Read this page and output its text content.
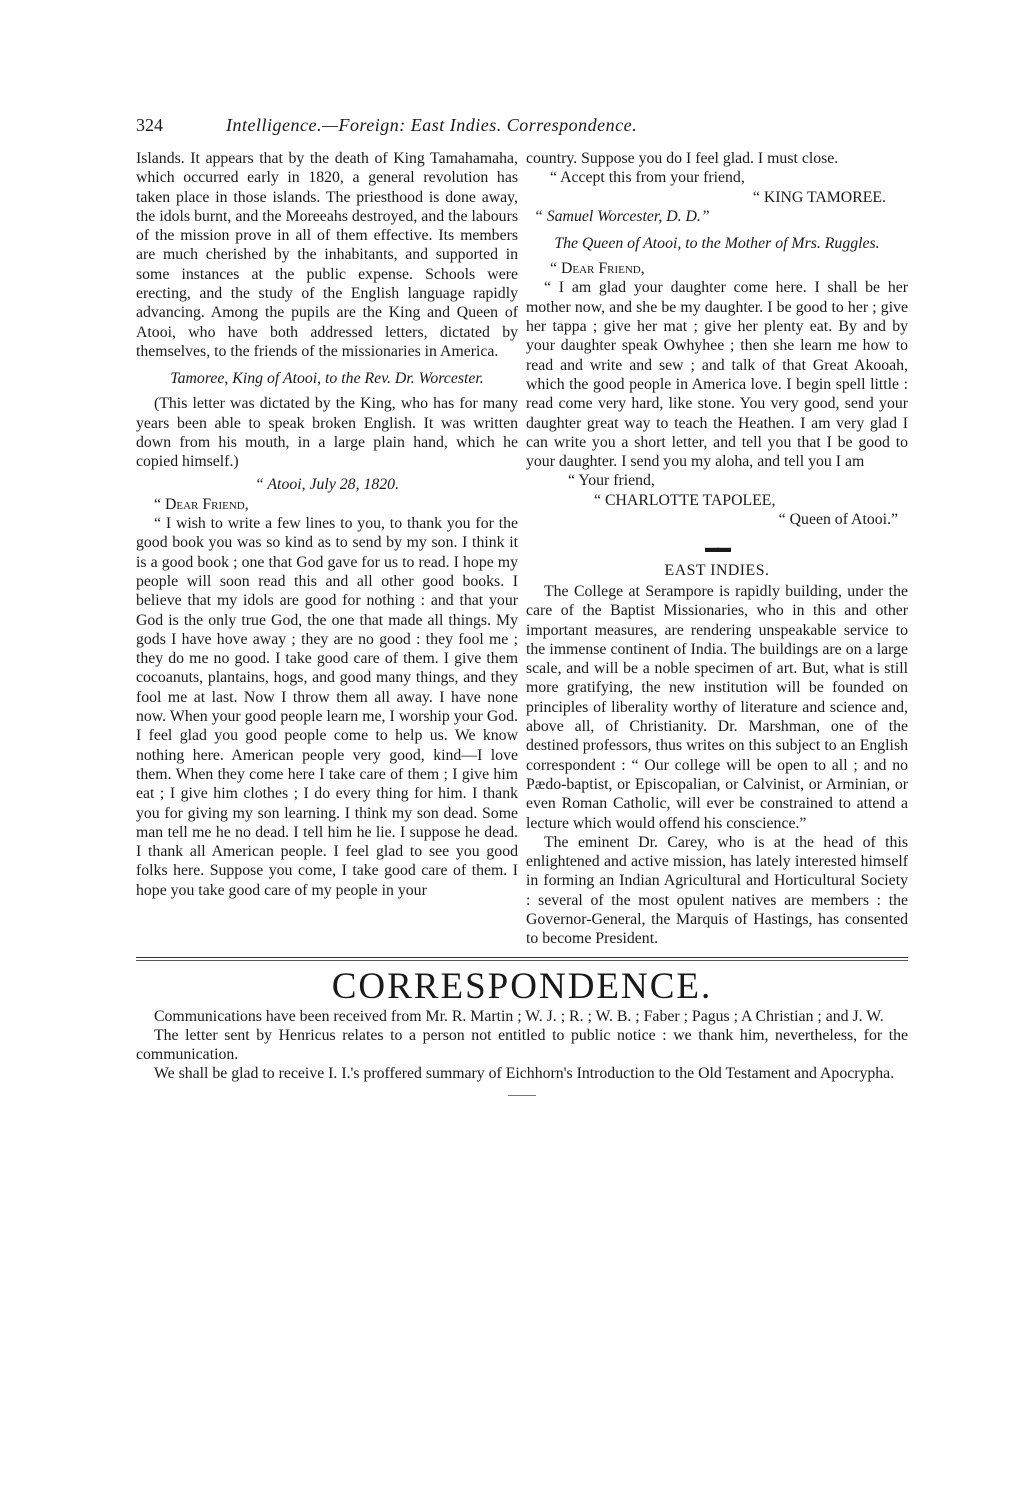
324	Intelligence.—Foreign: East Indies. Correspondence.

Islands. It appears that by the death of King Tamahamaha, which occurred early in 1820, a general revolution has taken place in those islands. The priesthood is done away, the idols burnt, and the Moreeahs destroyed, and the labours of the mission prove in all of them effective. Its members are much cherished by the inhabitants, and supported in some instances at the public expense. Schools were erecting, and the study of the English language rapidly advancing. Among the pupils are the King and Queen of Atooi, who have both addressed letters, dictated by themselves, to the friends of the missionaries in America.

Tamoree, King of Atooi, to the Rev. Dr. Worcester.

(This letter was dictated by the King, who has for many years been able to speak broken English. It was written down from his mouth, in a large plain hand, which he copied himself.)

“ Atooi, July 28, 1820.

“ Dear Friend,

“ I wish to write a few lines to you, to thank you for the good book you was so kind as to send by my son. I think it is a good book ; one that God gave for us to read. I hope my people will soon read this and all other good books. I believe that my idols are good for nothing : and that your God is the only true God, the one that made all things. My gods I have hove away ; they are no good : they fool me ; they do me no good. I take good care of them. I give them cocoanuts, plantains, hogs, and good many things, and they fool me at last. Now I throw them all away. I have none now. When your good people learn me, I worship your God. I feel glad you good people come to help us. We know nothing here. American people very good, kind—I love them. When they come here I take care of them ; I give him eat ; I give him clothes ; I do every thing for him. I thank you for giving my son learning. I think my son dead. Some man tell me he no dead. I tell him he lie. I suppose he dead. I thank all American people. I feel glad to see you good folks here. Suppose you come, I take good care of them. I hope you take good care of my people in your

country. Suppose you do I feel glad. I must close.

“ Accept this from your friend,

“ KING TAMOREE.

“ Samuel Worcester, D. D.”

The Queen of Atooi, to the Mother of Mrs. Ruggles.

“ Dear Friend,

“ I am glad your daughter come here. I shall be her mother now, and she be my daughter. I be good to her ; give her tappa ; give her mat ; give her plenty eat. By and by your daughter speak Owhyhee ; then she learn me how to read and write and sew ; and talk of that Great Akooah, which the good people in America love. I begin spell little : read come very hard, like stone. You very good, send your daughter great way to teach the Heathen. I am very glad I can write you a short letter, and tell you that I be good to your daughter. I send you my aloha, and tell you I am

“ Your friend,

“ CHARLOTTE TAPOLEE,

“ Queen of Atooi.”

▬▬

EAST INDIES.

The College at Serampore is rapidly building, under the care of the Baptist Missionaries, who in this and other important measures, are rendering unspeakable service to the immense continent of India. The buildings are on a large scale, and will be a noble specimen of art. But, what is still more gratifying, the new institution will be founded on principles of liberality worthy of literature and science and, above all, of Christianity. Dr. Marshman, one of the destined professors, thus writes on this subject to an English correspondent : “ Our college will be open to all ; and no Pædo-baptist, or Episcopalian, or Calvinist, or Arminian, or even Roman Catholic, will ever be constrained to attend a lecture which would offend his conscience.”

The eminent Dr. Carey, who is at the head of this enlightened and active mission, has lately interested himself in forming an Indian Agricultural and Horticultural Society : several of the most opulent natives are members : the Governor-General, the Marquis of Hastings, has consented to become President.

CORRESPONDENCE.

Communications have been received from Mr. R. Martin ; W. J. ; R. ; W. B. ; Faber ; Pagus ; A Christian ; and J. W.

The letter sent by Henricus relates to a person not entitled to public notice : we thank him, nevertheless, for the communication.

We shall be glad to receive I. I.'s proffered summary of Eichhorn's Introduction to the Old Testament and Apocrypha.
